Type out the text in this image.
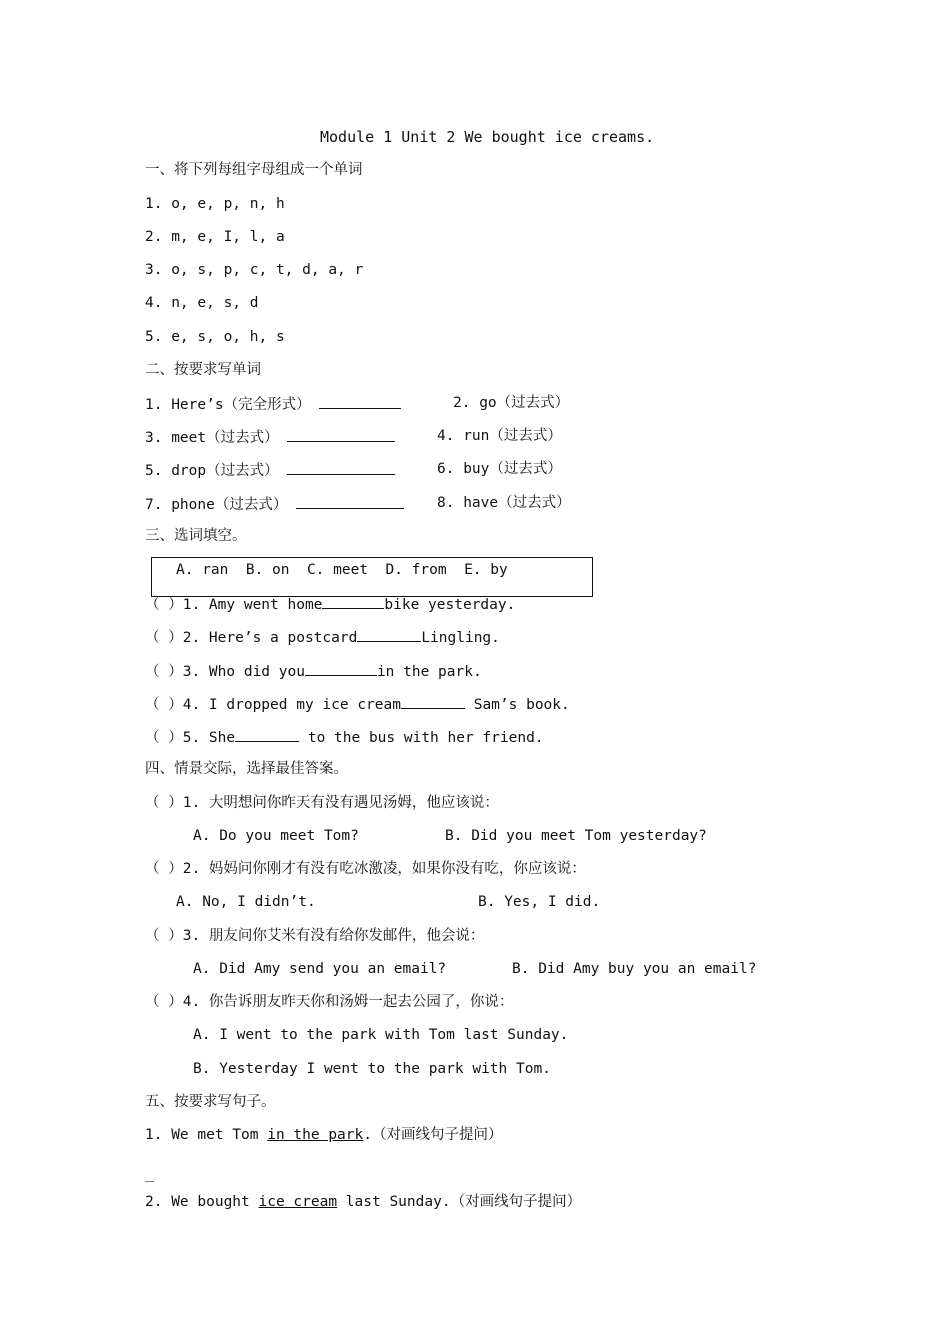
Module 1 Unit 2 We bought ice creams.
一、将下列每组字母组成一个单词
1. o, e, p, n, h
2. m, e, I, l, a
3. o, s, p, c, t, d, a, r
4. n, e, s, d
5. e, s, o, h, s
二、按要求写单词
1. Here’s（完全形式）	2. go（过去式）
3. meet（过去式）	4. run（过去式）
5. drop（过去式）	6. buy（过去式）
7. phone（过去式）	8. have（过去式）
三、选词填空。
A. ran  B. on  C. meet  D. from  E. by
（ ）1. Amy went home	bike yesterday.
（ ）2. Here’s a postcard	Lingling.
（ ）3. Who did you	in the park.
（ ）4. I dropped my ice cream	Sam’s book.
（ ）5. She	to the bus with her friend.
四、情景交际，选择最佳答案。
（ ）1. 大明想问你昨天有没有遇见汤姆，他应该说：
A. Do you meet Tom?	B. Did you meet Tom yesterday?
（ ）2. 妈妈问你刚才有没有吃冰激凌，如果你没有吃，你应该说：
A. No, I didn’t.	B. Yes, I did.
（ ）3. 朋友问你艾米有没有给你发邮件，他会说：
A. Did Amy send you an email?	B. Did Amy buy you an email?
（ ）4. 你告诉朋友昨天你和汤姆一起去公园了，你说：
A. I went to the park with Tom last Sunday.
B. Yesterday I went to the park with Tom.
五、按要求写句子。
1. We met Tom in the park.（对画线句子提问）
_
2. We bought ice cream last Sunday.（对画线句子提问）
